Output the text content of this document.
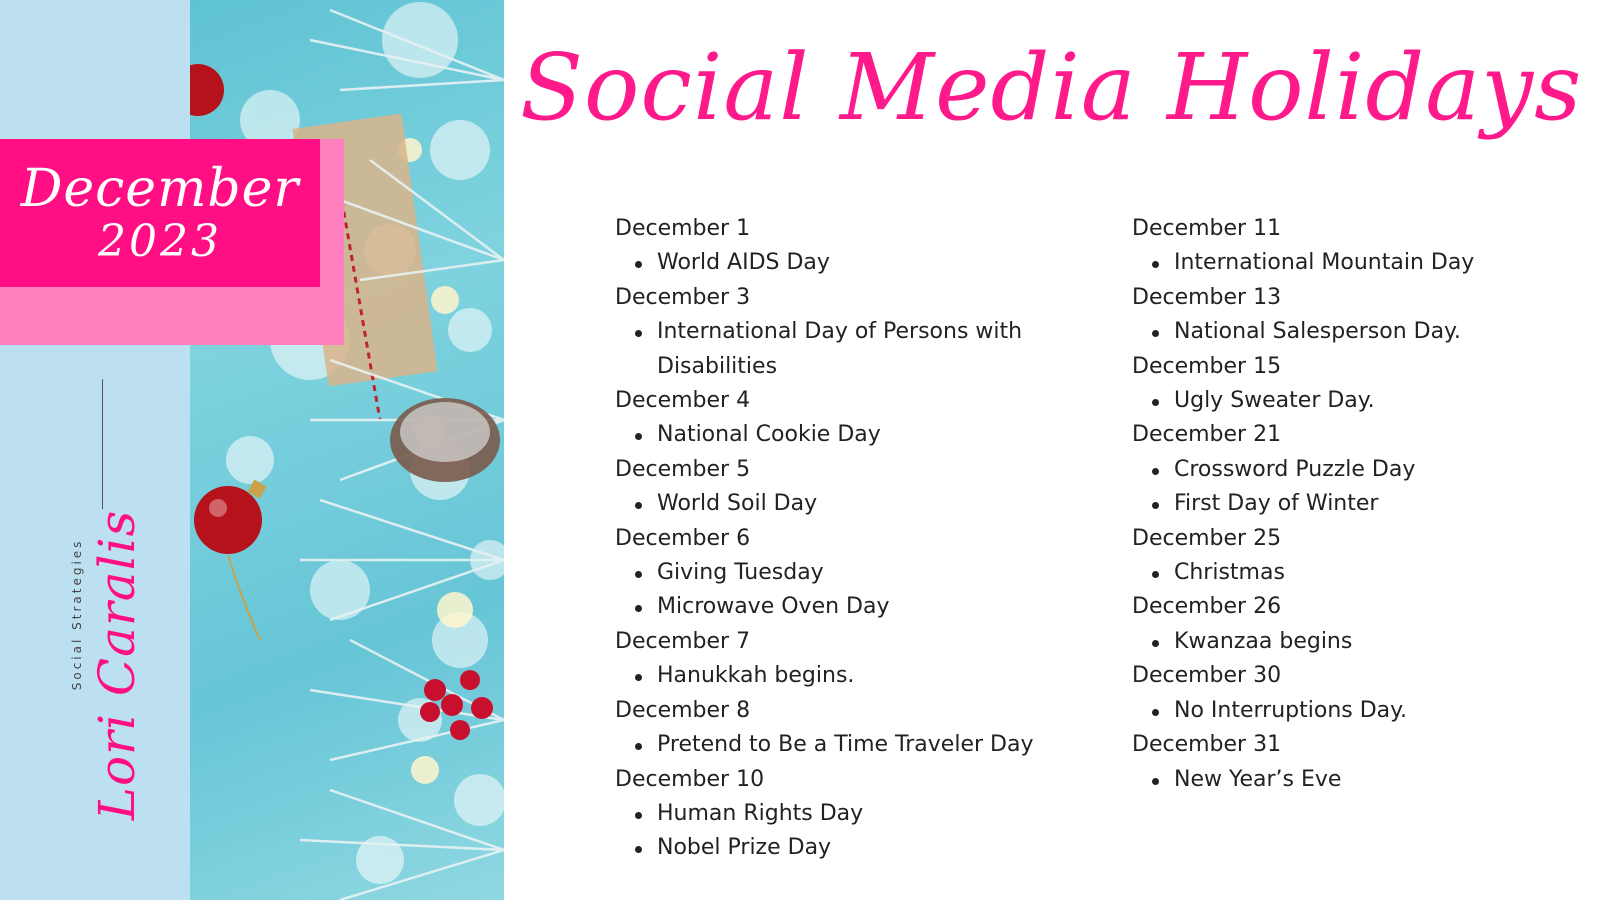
December
2023
Social Strategies Lori Caralis
Social Media Holidays
December 1
World AIDS Day
December 3
International Day of Persons with Disabilities
December 4
National Cookie Day
December 5
World Soil Day
December 6
Giving Tuesday
Microwave Oven Day
December 7
Hanukkah begins.
December 8
Pretend to Be a Time Traveler Day
December 10
Human Rights Day
Nobel Prize Day
December 11
International Mountain Day
December 13
National Salesperson Day.
December 15
Ugly Sweater Day.
December 21
Crossword Puzzle Day
First Day of Winter
December 25
Christmas
December 26
Kwanzaa begins
December 30
No Interruptions Day.
December 31
New Year’s Eve
